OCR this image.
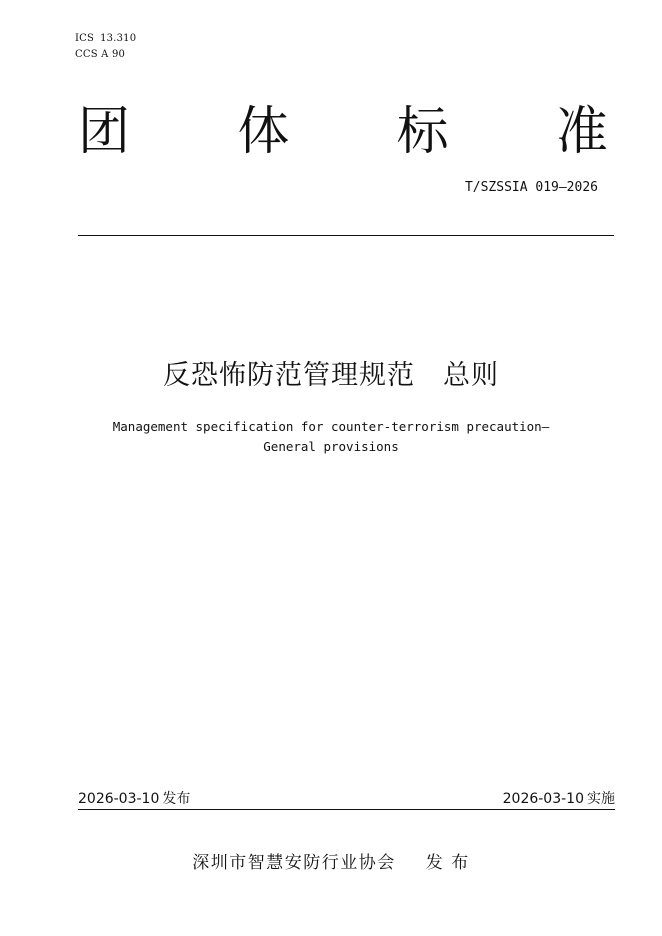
ICS 13.310
CCS A 90
团 体 标 准
T/SZSSIA 019—2026
反恐怖防范管理规范 总则
Management specification for counter-terrorism precaution—
General provisions
2026-03-10 发布	2026-03-10 实施
深圳市智慧安防行业协会 发 布
